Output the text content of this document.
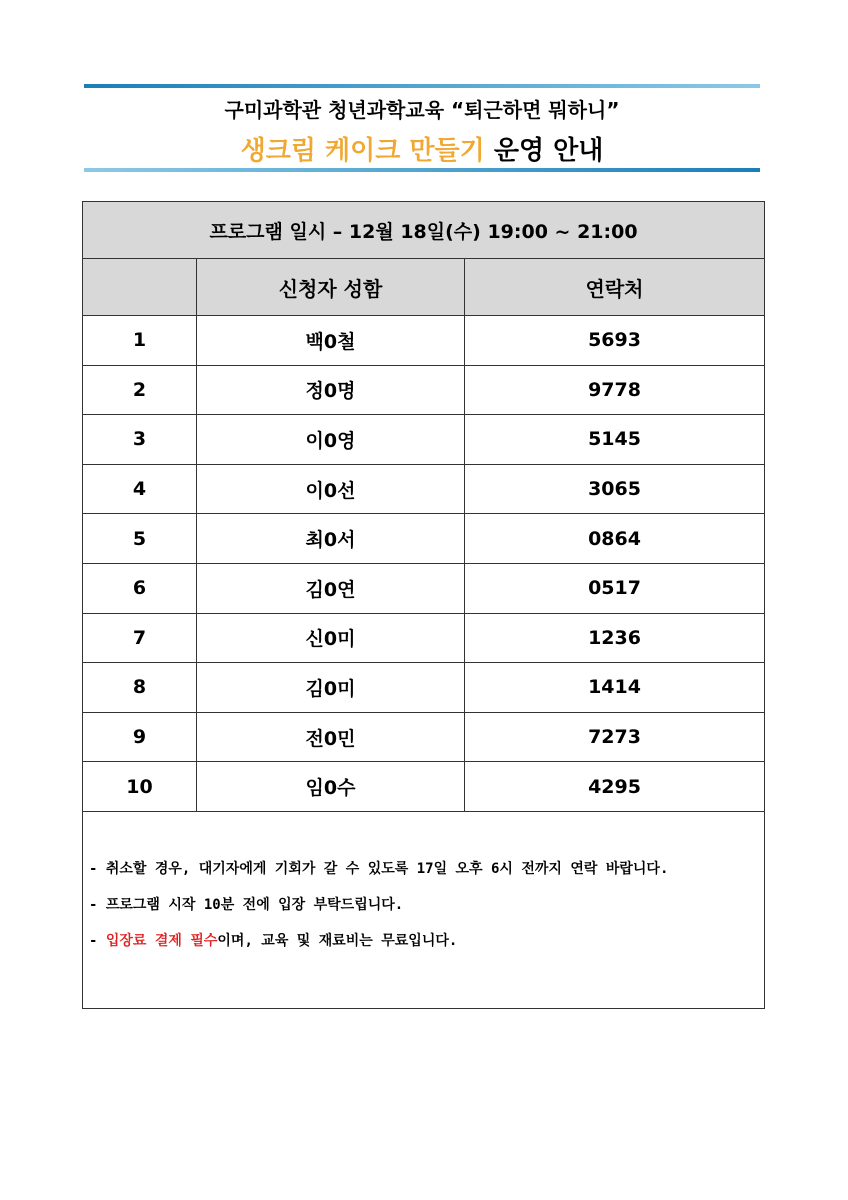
구미과학관 청년과학교육 “퇴근하면 뭐하니”
생크림 케이크 만들기 운영 안내
프로그램 일시 – 12월 18일(수) 19:00 ~ 21:00		
	신청자 성함	연락처
1	백0철	5693
2	정0명	9778
3	이0영	5145
4	이0선	3065
5	최0서	0864
6	김0연	0517
7	신0미	1236
8	김0미	1414
9	전0민	7273
10	임0수	4295

- 취소할 경우, 대기자에게 기회가 갈 수 있도록 17일 오후 6시 전까지 연락 바랍니다.
- 프로그램 시작 10분 전에 입장 부탁드립니다.
- 입장료 결제 필수이며, 교육 및 재료비는 무료입니다.		
